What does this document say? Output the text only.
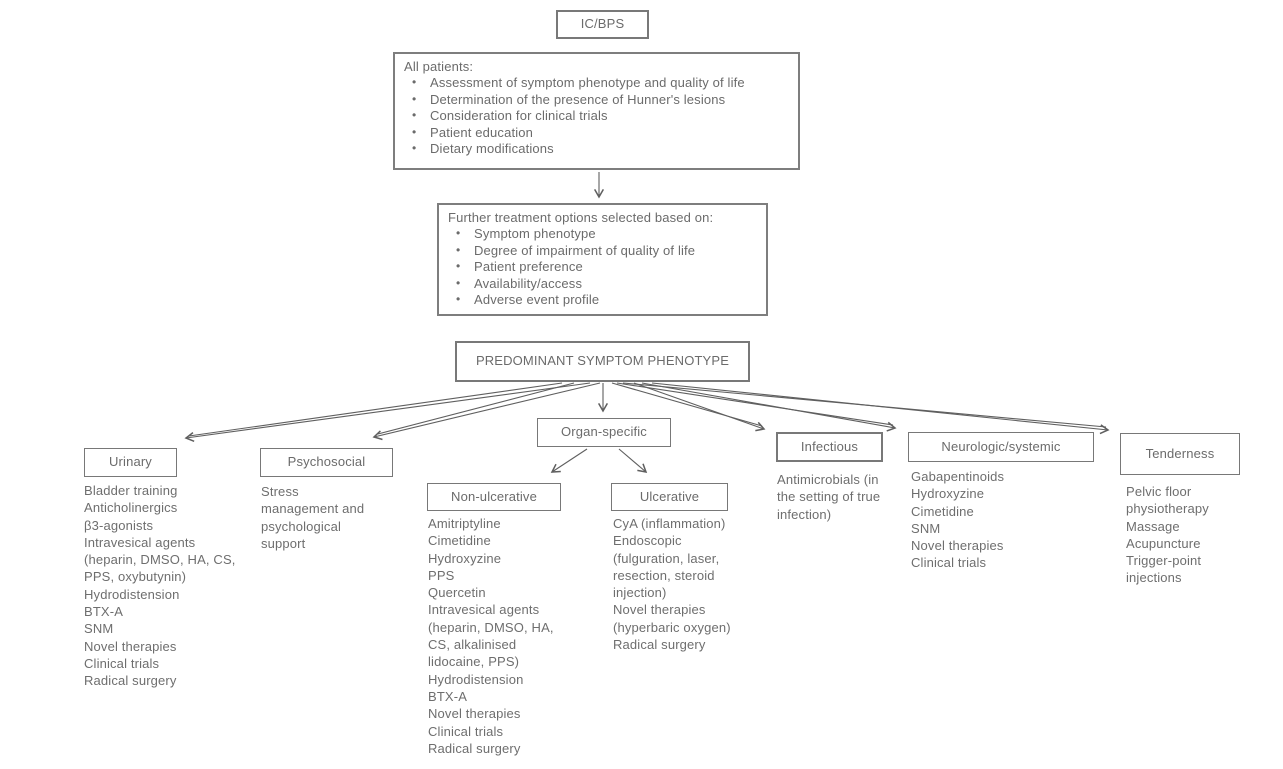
IC/BPS
All patients:
• Assessment of symptom phenotype and quality of life
• Determination of the presence of Hunner's lesions
• Consideration for clinical trials
• Patient education
• Dietary modifications
Further treatment options selected based on:
• Symptom phenotype
• Degree of impairment of quality of life
• Patient preference
• Availability/access
• Adverse event profile
PREDOMINANT SYMPTOM PHENOTYPE
Organ-specific
Urinary	Psychosocial
Non-ulcerative	Ulcerative
Infectious	Neurologic/systemic	Tenderness
Bladder training
Anticholinergics
β3-agonists
Intravesical agents (heparin, DMSO, HA, CS, PPS, oxybutynin)
Hydrodistension
BTX-A
SNM
Novel therapies
Clinical trials
Radical surgery
Stress management and psychological support
Amitriptyline
Cimetidine
Hydroxyzine
PPS
Quercetin
Intravesical agents (heparin, DMSO, HA, CS, alkalinised lidocaine, PPS)
Hydrodistension
BTX-A
Novel therapies
Clinical trials
Radical surgery
CyA (inflammation)
Endoscopic (fulguration, laser, resection, steroid injection)
Novel therapies (hyperbaric oxygen)
Radical surgery
Antimicrobials (in the setting of true infection)
Gabapentinoids
Hydroxyzine
Cimetidine
SNM
Novel therapies
Clinical trials
Pelvic floor physiotherapy
Massage
Acupuncture
Trigger-point injections
